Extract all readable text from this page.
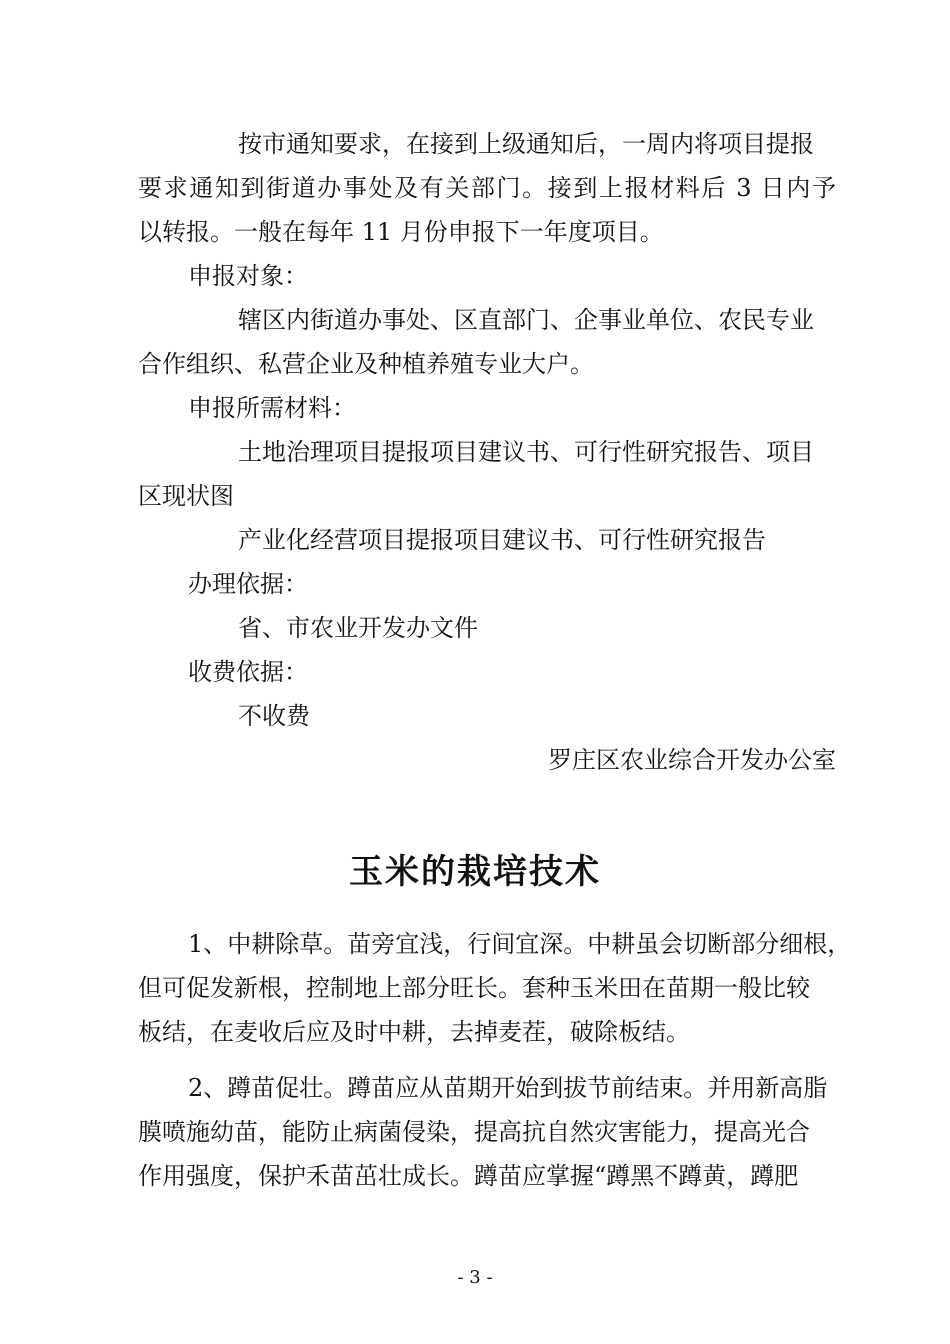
按市通知要求，在接到上级通知后，一周内将项目提报
要求通知到街道办事处及有关部门。接到上报材料后 3 日内予
以转报。一般在每年 11 月份申报下一年度项目。
申报对象：
辖区内街道办事处、区直部门、企事业单位、农民专业
合作组织、私营企业及种植养殖专业大户。
申报所需材料：
土地治理项目提报项目建议书、可行性研究报告、项目
区现状图
产业化经营项目提报项目建议书、可行性研究报告
办理依据：
省、市农业开发办文件
收费依据：
不收费
罗庄区农业综合开发办公室
玉米的栽培技术
1、中耕除草。苗旁宜浅，行间宜深。中耕虽会切断部分细根，
但可促发新根，控制地上部分旺长。套种玉米田在苗期一般比较
板结，在麦收后应及时中耕，去掉麦茬，破除板结。
2、蹲苗促壮。蹲苗应从苗期开始到拔节前结束。并用新高脂
膜喷施幼苗，能防止病菌侵染，提高抗自然灾害能力，提高光合
作用强度，保护禾苗茁壮成长。蹲苗应掌握“蹲黑不蹲黄，蹲肥
- 3 -
